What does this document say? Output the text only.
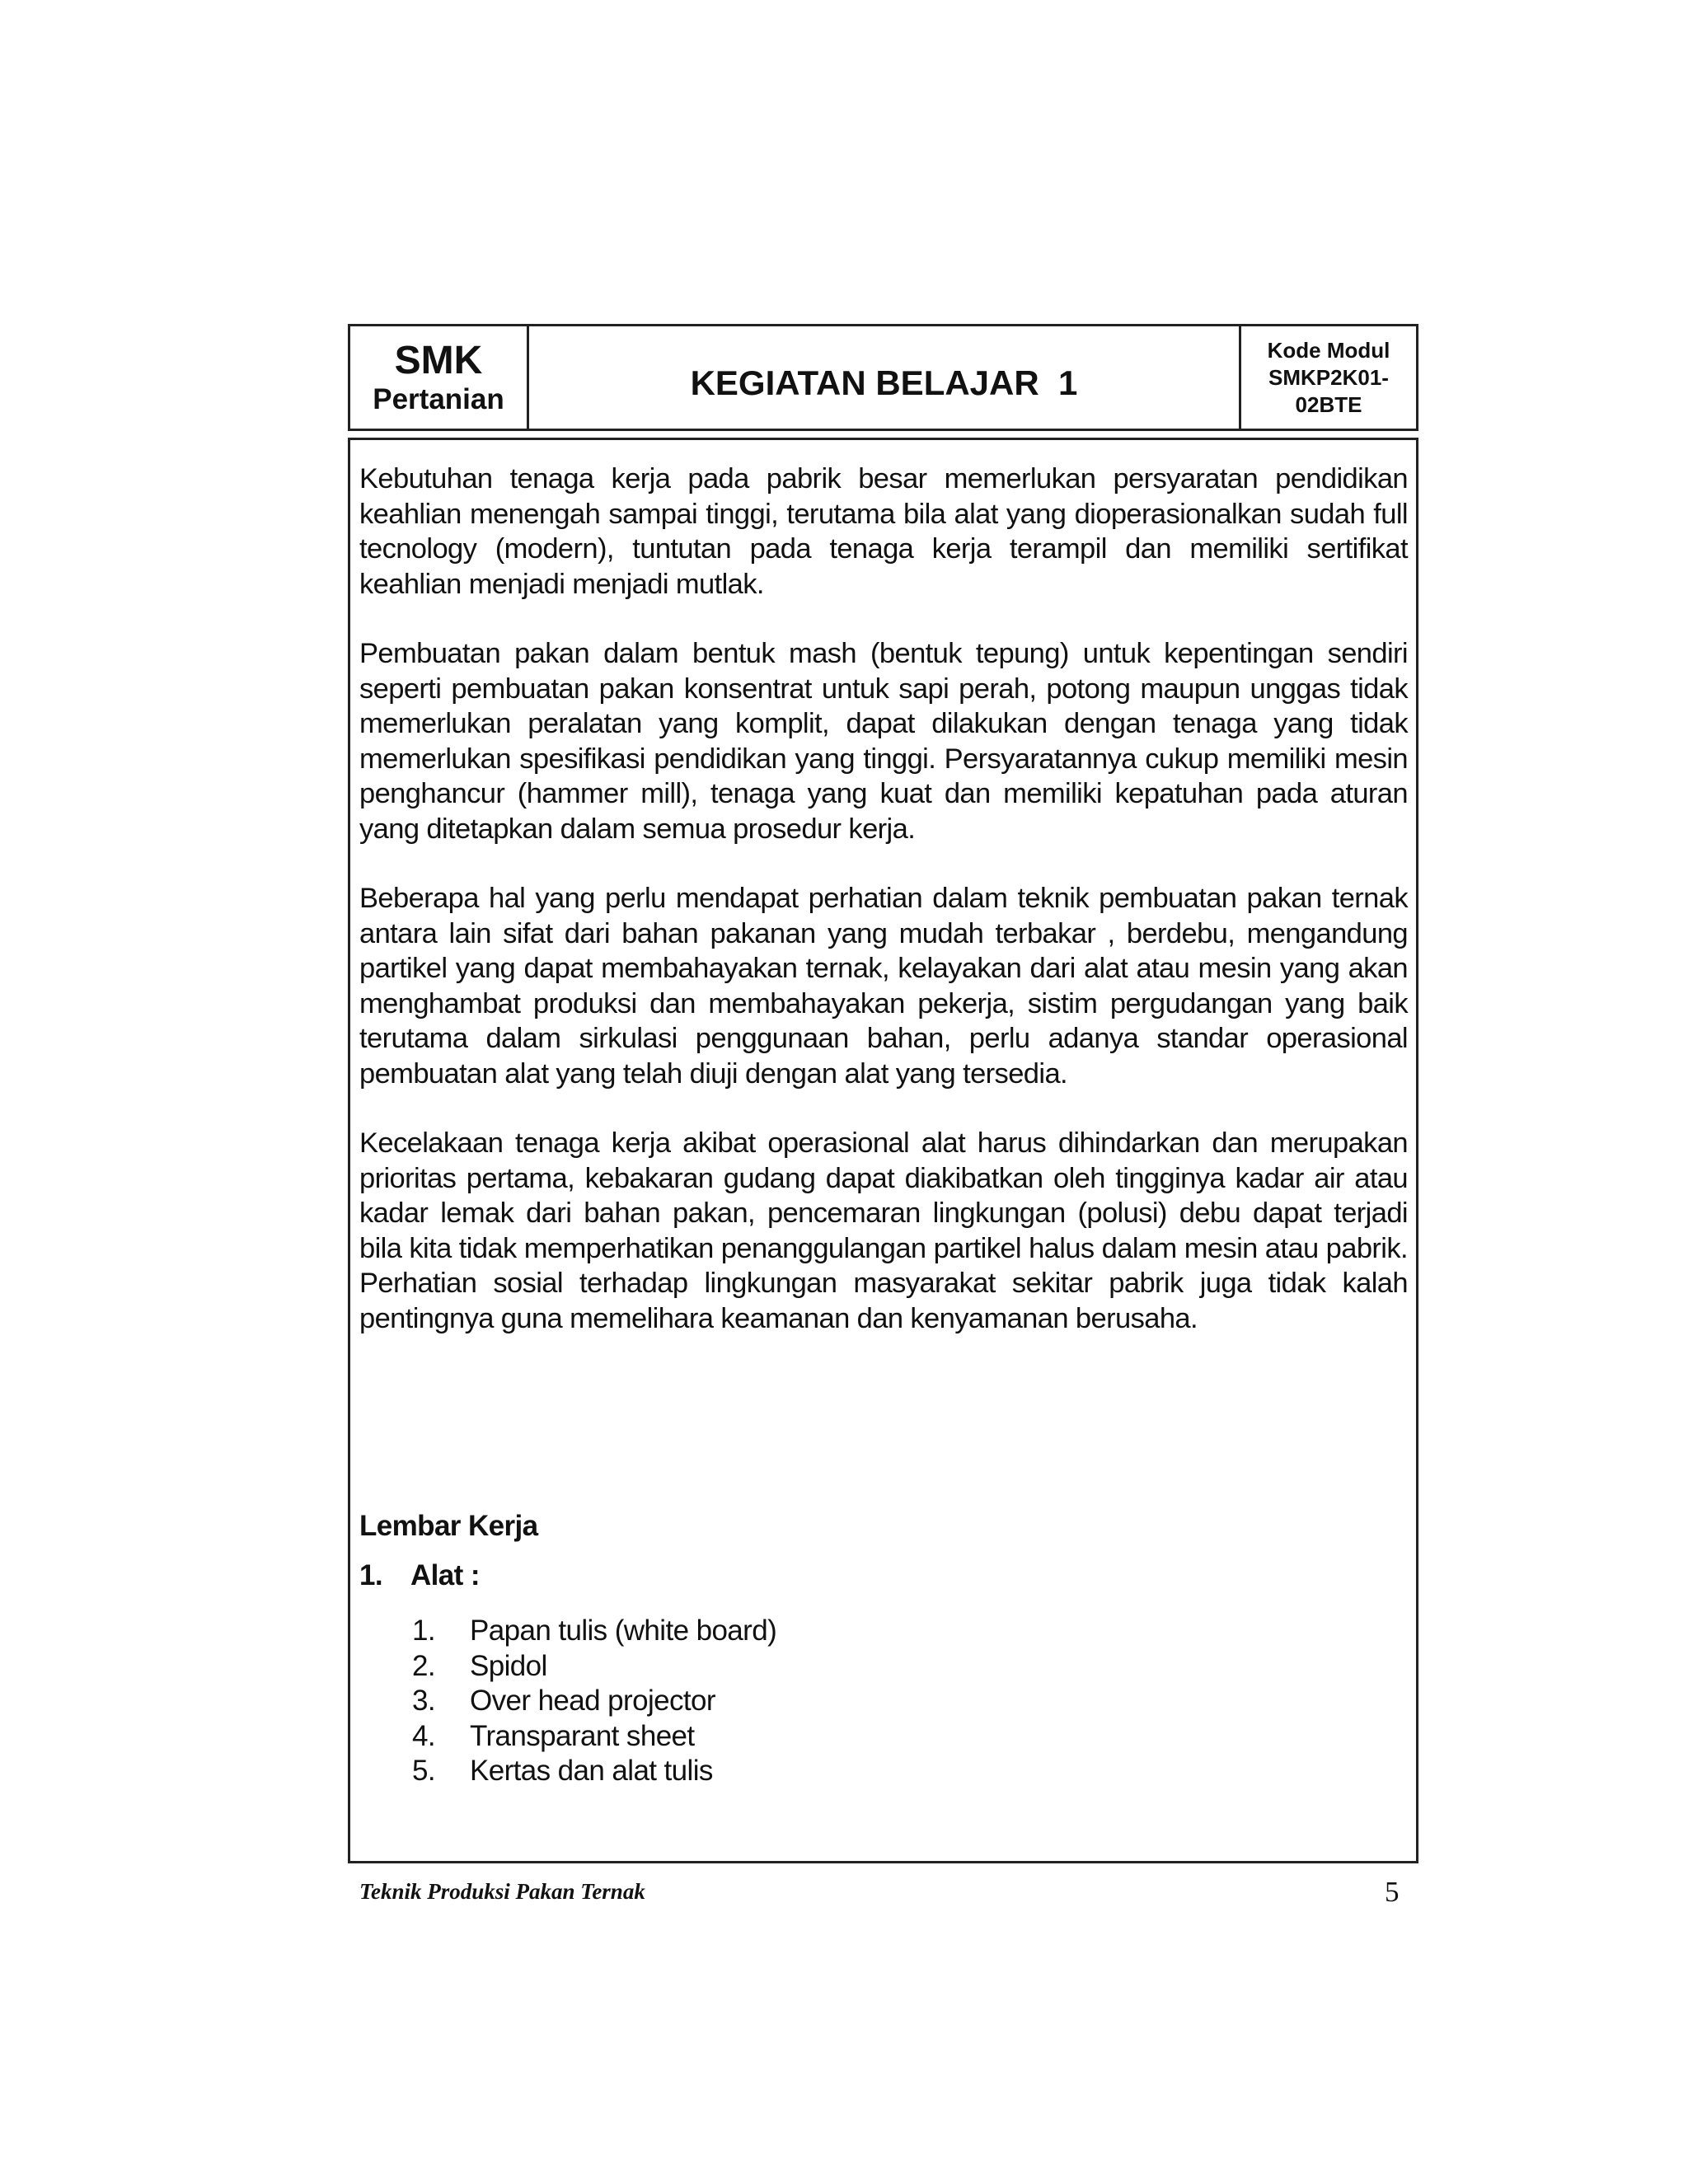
SMK
Pertanian	KEGIATAN BELAJAR  1
Kode Modul
SMKP2K01-
02BTE

Kebutuhan tenaga kerja pada pabrik besar memerlukan persyaratan pendidikan keahlian menengah sampai tinggi, terutama bila alat yang dioperasionalkan sudah full tecnology (modern), tuntutan pada tenaga kerja terampil dan memiliki sertifikat keahlian menjadi menjadi mutlak.

Pembuatan pakan dalam bentuk mash (bentuk tepung) untuk kepentingan sendiri seperti pembuatan pakan konsentrat untuk sapi perah, potong maupun unggas tidak memerlukan peralatan yang komplit, dapat dilakukan dengan tenaga yang tidak memerlukan spesifikasi pendidikan yang tinggi. Persyaratannya cukup memiliki mesin penghancur (hammer mill), tenaga yang kuat dan memiliki kepatuhan pada aturan yang ditetapkan dalam semua prosedur kerja.

Beberapa hal yang perlu mendapat perhatian dalam teknik pembuatan pakan ternak antara lain sifat dari bahan pakanan yang mudah terbakar , berdebu, mengandung partikel yang dapat membahayakan ternak, kelayakan dari alat atau mesin yang akan menghambat produksi dan membahayakan pekerja, sistim pergudangan yang baik terutama dalam sirkulasi penggunaan bahan, perlu adanya standar operasional pembuatan alat yang telah diuji dengan alat yang tersedia.

Kecelakaan tenaga kerja akibat operasional alat harus dihindarkan dan merupakan prioritas pertama, kebakaran gudang dapat diakibatkan oleh tingginya kadar air atau kadar lemak dari bahan pakan, pencemaran lingkungan (polusi) debu dapat terjadi bila kita tidak memperhatikan penanggulangan partikel halus dalam mesin atau pabrik. Perhatian sosial terhadap lingkungan masyarakat sekitar pabrik juga tidak kalah pentingnya guna memelihara keamanan dan kenyamanan berusaha.

Lembar Kerja
1. Alat :
1. Papan tulis (white board)
2. Spidol
3. Over head projector
4. Transparant sheet
5. Kertas dan alat tulis
Teknik Produksi Pakan Ternak	5
